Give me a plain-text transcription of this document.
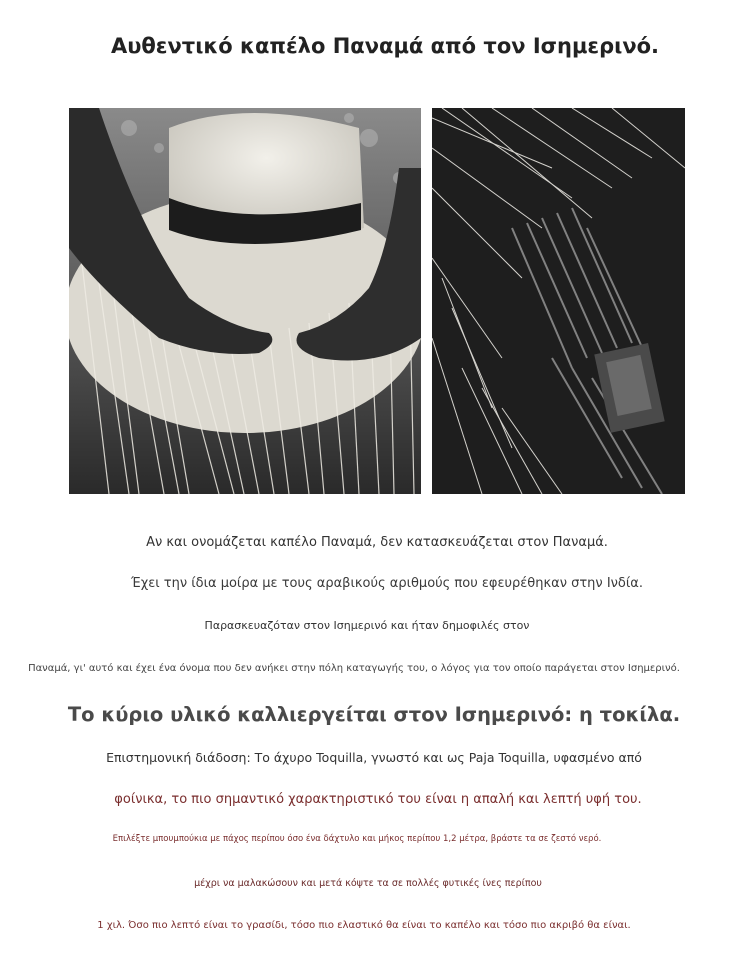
Αυθεντικό καπέλο Παναμά από τον Ισημερινό.

Αν και ονομάζεται καπέλο Παναμά, δεν κατασκευάζεται στον Παναμά.

Έχει την ίδια μοίρα με τους αραβικούς αριθμούς που εφευρέθηκαν στην Ινδία.

Παρασκευαζόταν στον Ισημερινό και ήταν δημοφιλές στον

Παναμά, γι' αυτό και έχει ένα όνομα που δεν ανήκει στην πόλη καταγωγής του, ο λόγος για τον οποίο παράγεται στον Ισημερινό.

Το κύριο υλικό καλλιεργείται στον Ισημερινό: η τοκίλα.

Επιστημονική διάδοση: Το άχυρο Toquilla, γνωστό και ως Paja Toquilla, υφασμένο από

φοίνικα, το πιο σημαντικό χαρακτηριστικό του είναι η απαλή και λεπτή υφή του.

Επιλέξτε μπουμπούκια με πάχος περίπου όσο ένα δάχτυλο και μήκος περίπου 1,2 μέτρα, βράστε τα σε ζεστό νερό.

μέχρι να μαλακώσουν και μετά κόψτε τα σε πολλές φυτικές ίνες περίπου

1 χιλ. Όσο πιο λεπτό είναι το γρασίδι, τόσο πιο ελαστικό θα είναι το καπέλο και τόσο πιο ακριβό θα είναι.
